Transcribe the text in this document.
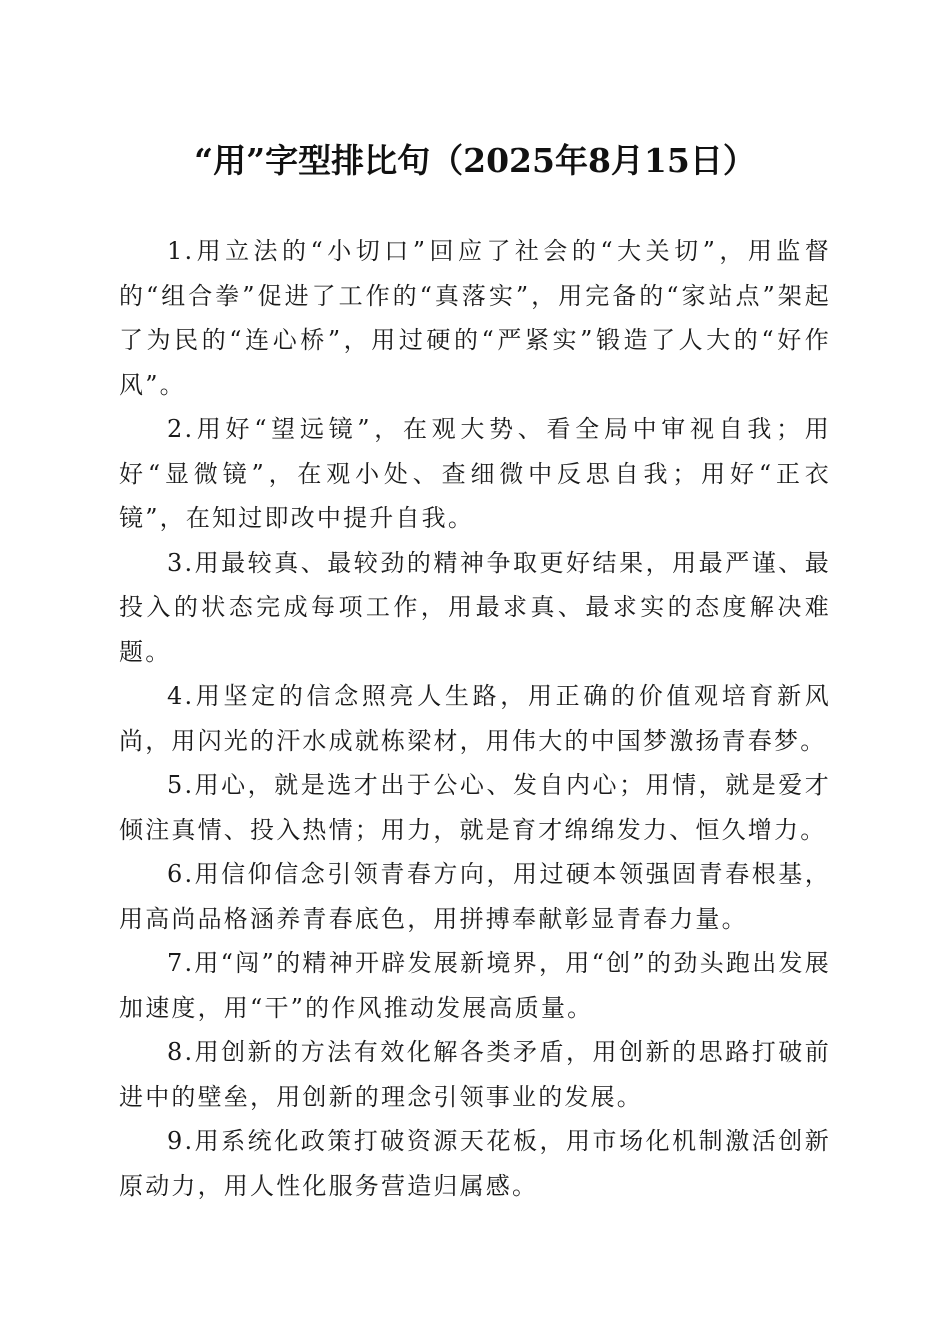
“用”字型排比句（2025年8月15日）

1.用立法的“小切口”回应了社会的“大关切”，用监督的“组合拳”促进了工作的“真落实”，用完备的“家站点”架起了为民的“连心桥”，用过硬的“严紧实”锻造了人大的“好作风”。

2.用好“望远镜”，在观大势、看全局中审视自我；用好“显微镜”，在观小处、查细微中反思自我；用好“正衣镜”，在知过即改中提升自我。

3.用最较真、最较劲的精神争取更好结果，用最严谨、最投入的状态完成每项工作，用最求真、最求实的态度解决难题。

4.用坚定的信念照亮人生路，用正确的价值观培育新风尚，用闪光的汗水成就栋梁材，用伟大的中国梦激扬青春梦。

5.用心，就是选才出于公心、发自内心；用情，就是爱才倾注真情、投入热情；用力，就是育才绵绵发力、恒久增力。

6.用信仰信念引领青春方向，用过硬本领强固青春根基，用高尚品格涵养青春底色，用拼搏奉献彰显青春力量。

7.用“闯”的精神开辟发展新境界，用“创”的劲头跑出发展加速度，用“干”的作风推动发展高质量。

8.用创新的方法有效化解各类矛盾，用创新的思路打破前进中的壁垒，用创新的理念引领事业的发展。

9.用系统化政策打破资源天花板，用市场化机制激活创新原动力，用人性化服务营造归属感。
